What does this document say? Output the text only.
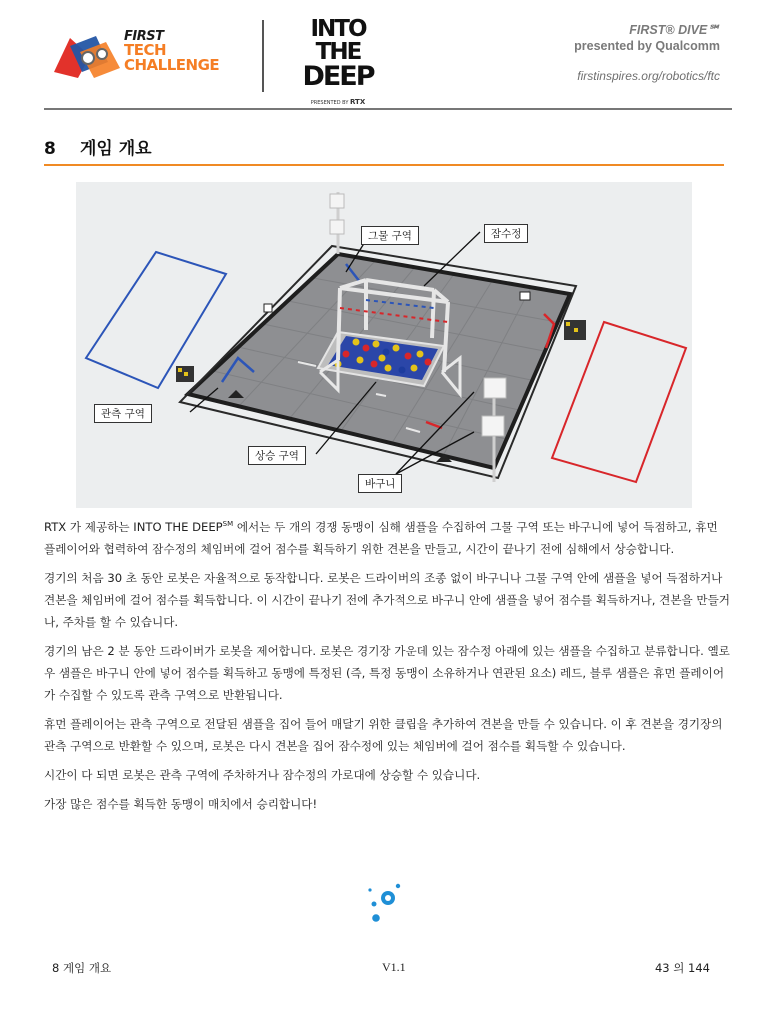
FIRST
TECH
CHALLENGE
INTO THE
DEEP
PRESENTED BY RTX
FIRST® DIVE℠
presented by Qualcomm
firstinspires.org/robotics/ftc
8 게임 개요
그물 구역	잠수정
관측 구역
상승 구역
바구니

RTX 가 제공하는 INTO THE DEEP℠ 에서는 두 개의 경쟁 동맹이 심해 샘플을 수집하여 그물 구역 또는 바구니에 넣어 득점하고, 휴먼 플레이어와 협력하여 잠수정의 체임버에 걸어 점수를 획득하기 위한 견본을 만들고, 시간이 끝나기 전에 심해에서 상승합니다.

경기의 처음 30 초 동안 로봇은 자율적으로 동작합니다. 로봇은 드라이버의 조종 없이 바구니나 그물 구역 안에 샘플을 넣어 득점하거나 견본을 체임버에 걸어 점수를 획득합니다. 이 시간이 끝나기 전에 추가적으로 바구니 안에 샘플을 넣어 점수를 획득하거나, 견본을 만들거나, 주차를 할 수 있습니다.

경기의 남은 2 분 동안 드라이버가 로봇을 제어합니다. 로봇은 경기장 가운데 있는 잠수정 아래에 있는 샘플을 수집하고 분류합니다. 옐로우 샘플은 바구니 안에 넣어 점수를 획득하고 동맹에 특정된 (즉, 특정 동맹이 소유하거나 연관된 요소) 레드, 블루 샘플은 휴먼 플레이어가 수집할 수 있도록 관측 구역으로 반환됩니다.

휴먼 플레이어는 관측 구역으로 전달된 샘플을 집어 들어 매달기 위한 클립을 추가하여 견본을 만들 수 있습니다. 이 후 견본을 경기장의 관측 구역으로 반환할 수 있으며, 로봇은 다시 견본을 집어 잠수정에 있는 체임버에 걸어 점수를 획득할 수 있습니다.

시간이 다 되면 로봇은 관측 구역에 주차하거나 잠수정의 가로대에 상승할 수 있습니다.

가장 많은 점수를 획득한 동맹이 매치에서 승리합니다!

8 게임 개요	V1.1	43 의 144
